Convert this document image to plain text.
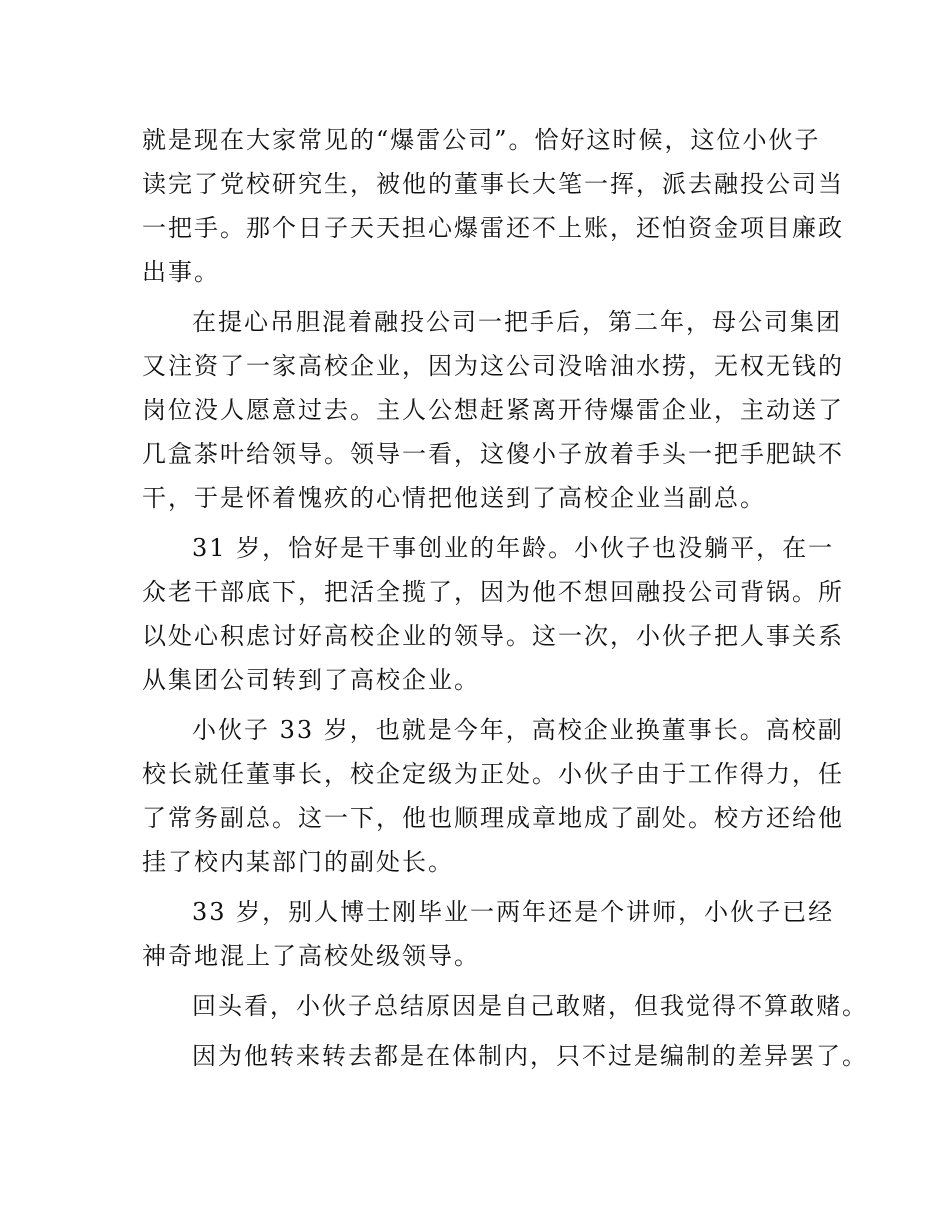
就是现在大家常见的“爆雷公司”。恰好这时候，这位小伙子
读完了党校研究生，被他的董事长大笔一挥，派去融投公司当
一把手。那个日子天天担心爆雷还不上账，还怕资金项目廉政
出事。

在提心吊胆混着融投公司一把手后，第二年，母公司集团
又注资了一家高校企业，因为这公司没啥油水捞，无权无钱的
岗位没人愿意过去。主人公想赶紧离开待爆雷企业，主动送了
几盒茶叶给领导。领导一看，这傻小子放着手头一把手肥缺不
干，于是怀着愧疚的心情把他送到了高校企业当副总。

31 岁，恰好是干事创业的年龄。小伙子也没躺平，在一
众老干部底下，把活全揽了，因为他不想回融投公司背锅。所
以处心积虑讨好高校企业的领导。这一次，小伙子把人事关系
从集团公司转到了高校企业。

小伙子 33 岁，也就是今年，高校企业换董事长。高校副
校长就任董事长，校企定级为正处。小伙子由于工作得力，任
了常务副总。这一下，他也顺理成章地成了副处。校方还给他
挂了校内某部门的副处长。

33 岁，别人博士刚毕业一两年还是个讲师，小伙子已经
神奇地混上了高校处级领导。

回头看，小伙子总结原因是自己敢赌，但我觉得不算敢赌。

因为他转来转去都是在体制内，只不过是编制的差异罢了。
